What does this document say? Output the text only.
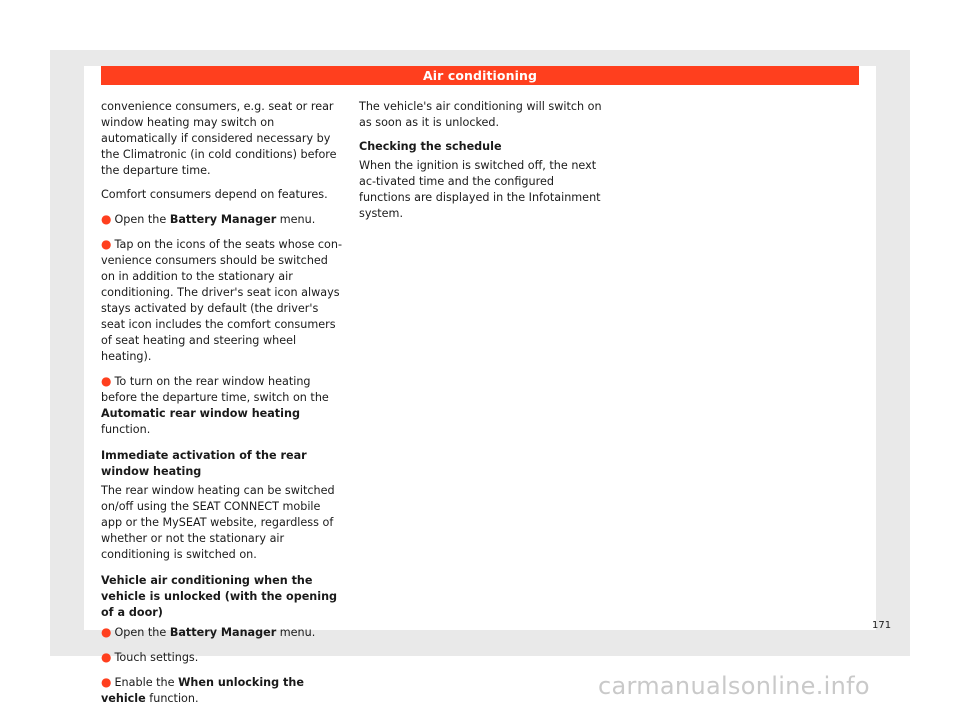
Air conditioning

convenience consumers, e.g. seat or rear window heating may switch on automatically if considered necessary by the Climatronic (in cold conditions) before the departure time.

Comfort consumers depend on features.

● Open the Battery Manager menu.

● Tap on the icons of the seats whose con-venience consumers should be switched on in addition to the stationary air conditioning. The driver's seat icon always stays activated by default (the driver's seat icon includes the comfort consumers of seat heating and steering wheel heating).

● To turn on the rear window heating before the departure time, switch on the Automatic rear window heating function.

Immediate activation of the rear window heating

The rear window heating can be switched on/off using the SEAT CONNECT mobile app or the MySEAT website, regardless of whether or not the stationary air conditioning is switched on.

Vehicle air conditioning when the vehicle is unlocked (with the opening of a door)

● Open the Battery Manager menu.

● Touch settings.

● Enable the When unlocking the vehicle function.

The vehicle's air conditioning will switch on as soon as it is unlocked.

Checking the schedule

When the ignition is switched off, the next ac-tivated time and the configured functions are displayed in the Infotainment system.

171
carmanualsonline.info
